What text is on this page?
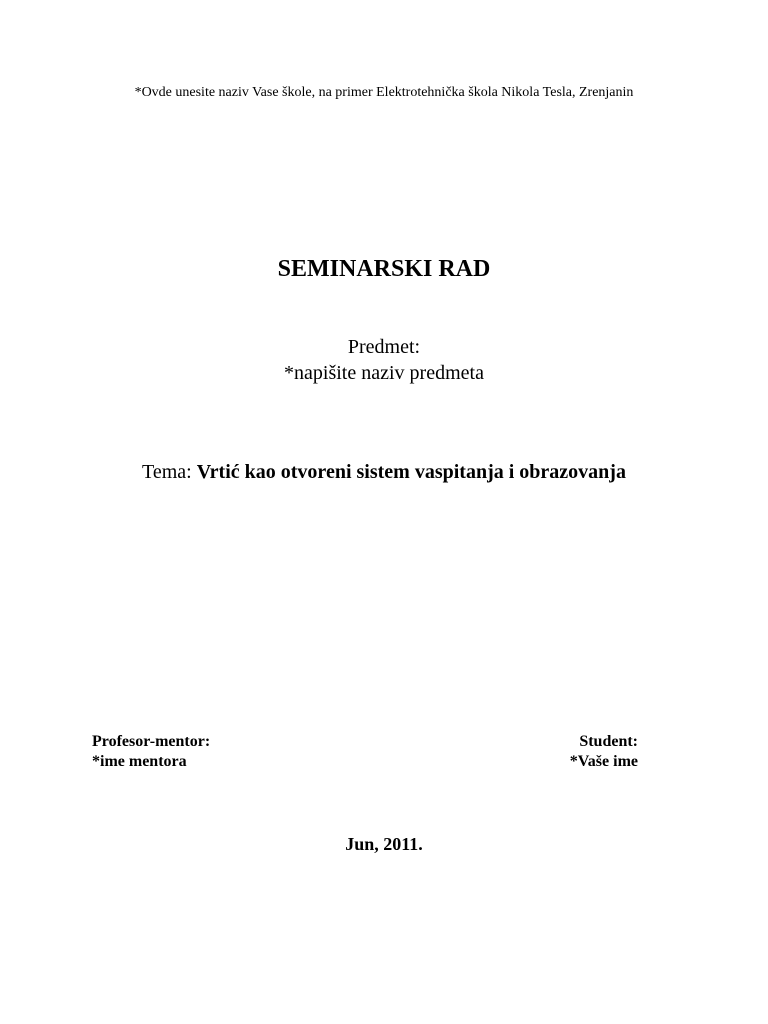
*Ovde unesite naziv Vase škole, na primer Elektrotehnička škola Nikola Tesla, Zrenjanin
SEMINARSKI RAD
Predmet:
*napišite naziv predmeta
Tema: Vrtić kao otvoreni sistem vaspitanja i obrazovanja
Profesor-mentor:
*ime mentora
Student:
*Vaše ime
Jun, 2011.
